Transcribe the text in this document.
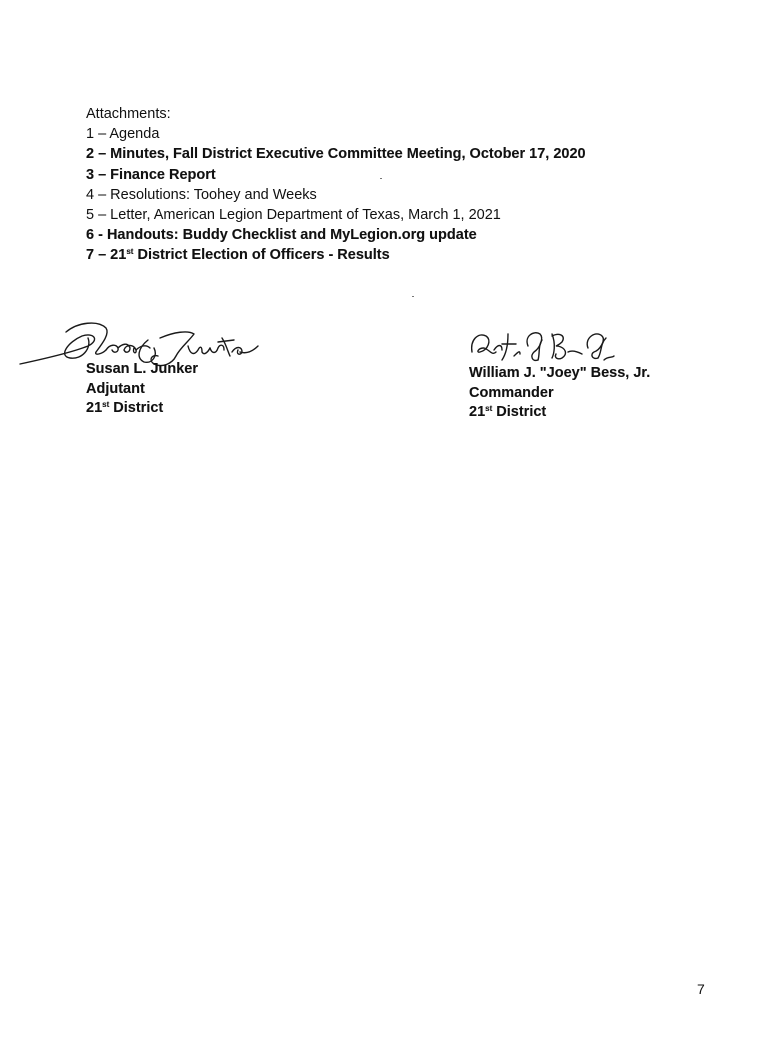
Attachments:
1 – Agenda
2 – Minutes, Fall District Executive Committee Meeting, October 17, 2020
3 – Finance Report
4 – Resolutions: Toohey and Weeks
5 – Letter, American Legion Department of Texas, March 1, 2021
6 - Handouts: Buddy Checklist and MyLegion.org update
7 – 21st District Election of Officers - Results
Susan L. Junker
Adjutant
21st District
William J. "Joey" Bess, Jr.
Commander
21st District
7
